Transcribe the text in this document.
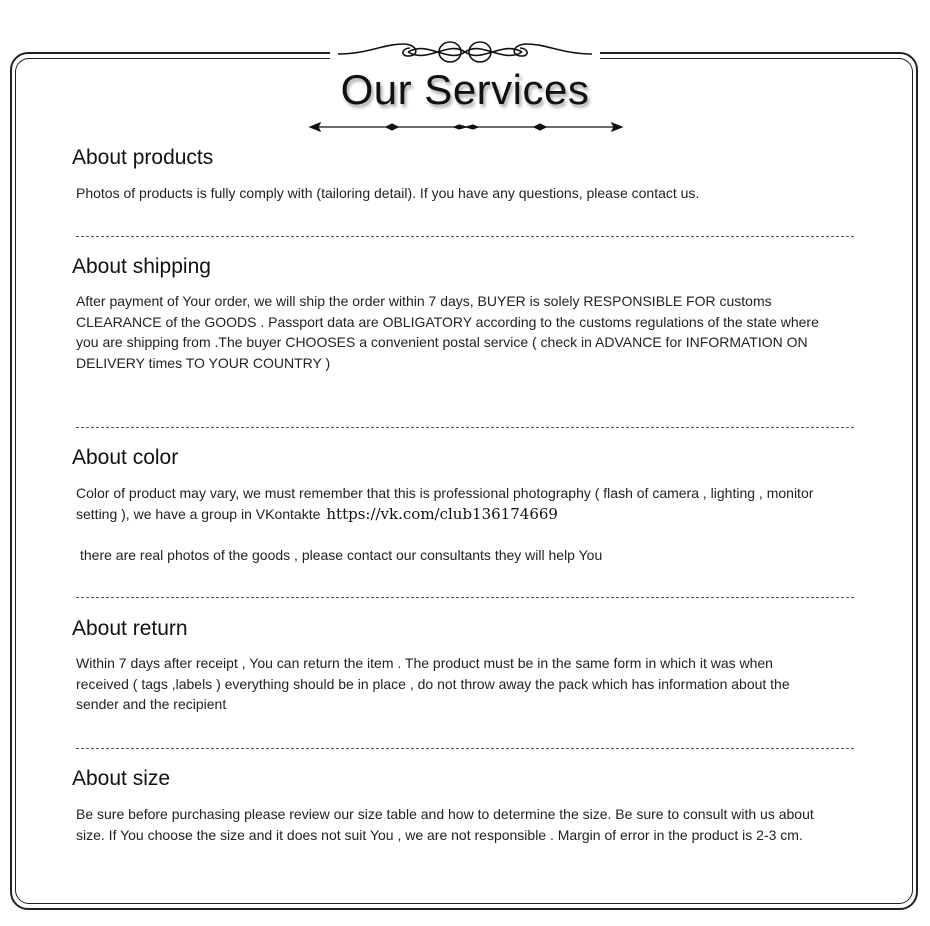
Our Services
About products
Photos of products is fully comply with (tailoring detail). If you have any questions, please contact us.
About shipping
After payment of Your order, we will ship the order within 7 days, BUYER is solely RESPONSIBLE FOR customs
CLEARANCE of the GOODS . Passport data are OBLIGATORY according to the customs regulations of the state where
you are shipping from .The buyer CHOOSES a convenient postal service ( check in ADVANCE for INFORMATION ON
DELIVERY times TO YOUR COUNTRY )
About color
Color of product may vary, we must remember that this is professional photography ( flash of camera , lighting , monitor
setting ), we have a group in VKontakte https://vk.com/club136174669
there are real photos of the goods , please contact our consultants they will help You
About return
Within 7 days after receipt , You can return the item . The product must be in the same form in which it was when
received ( tags ,labels ) everything should be in place , do not throw away the pack which has information about the
sender and the recipient
About size
Be sure before purchasing please review our size table and how to determine the size. Be sure to consult with us about
size. If You choose the size and it does not suit You , we are not responsible . Margin of error in the product is 2-3 cm.
